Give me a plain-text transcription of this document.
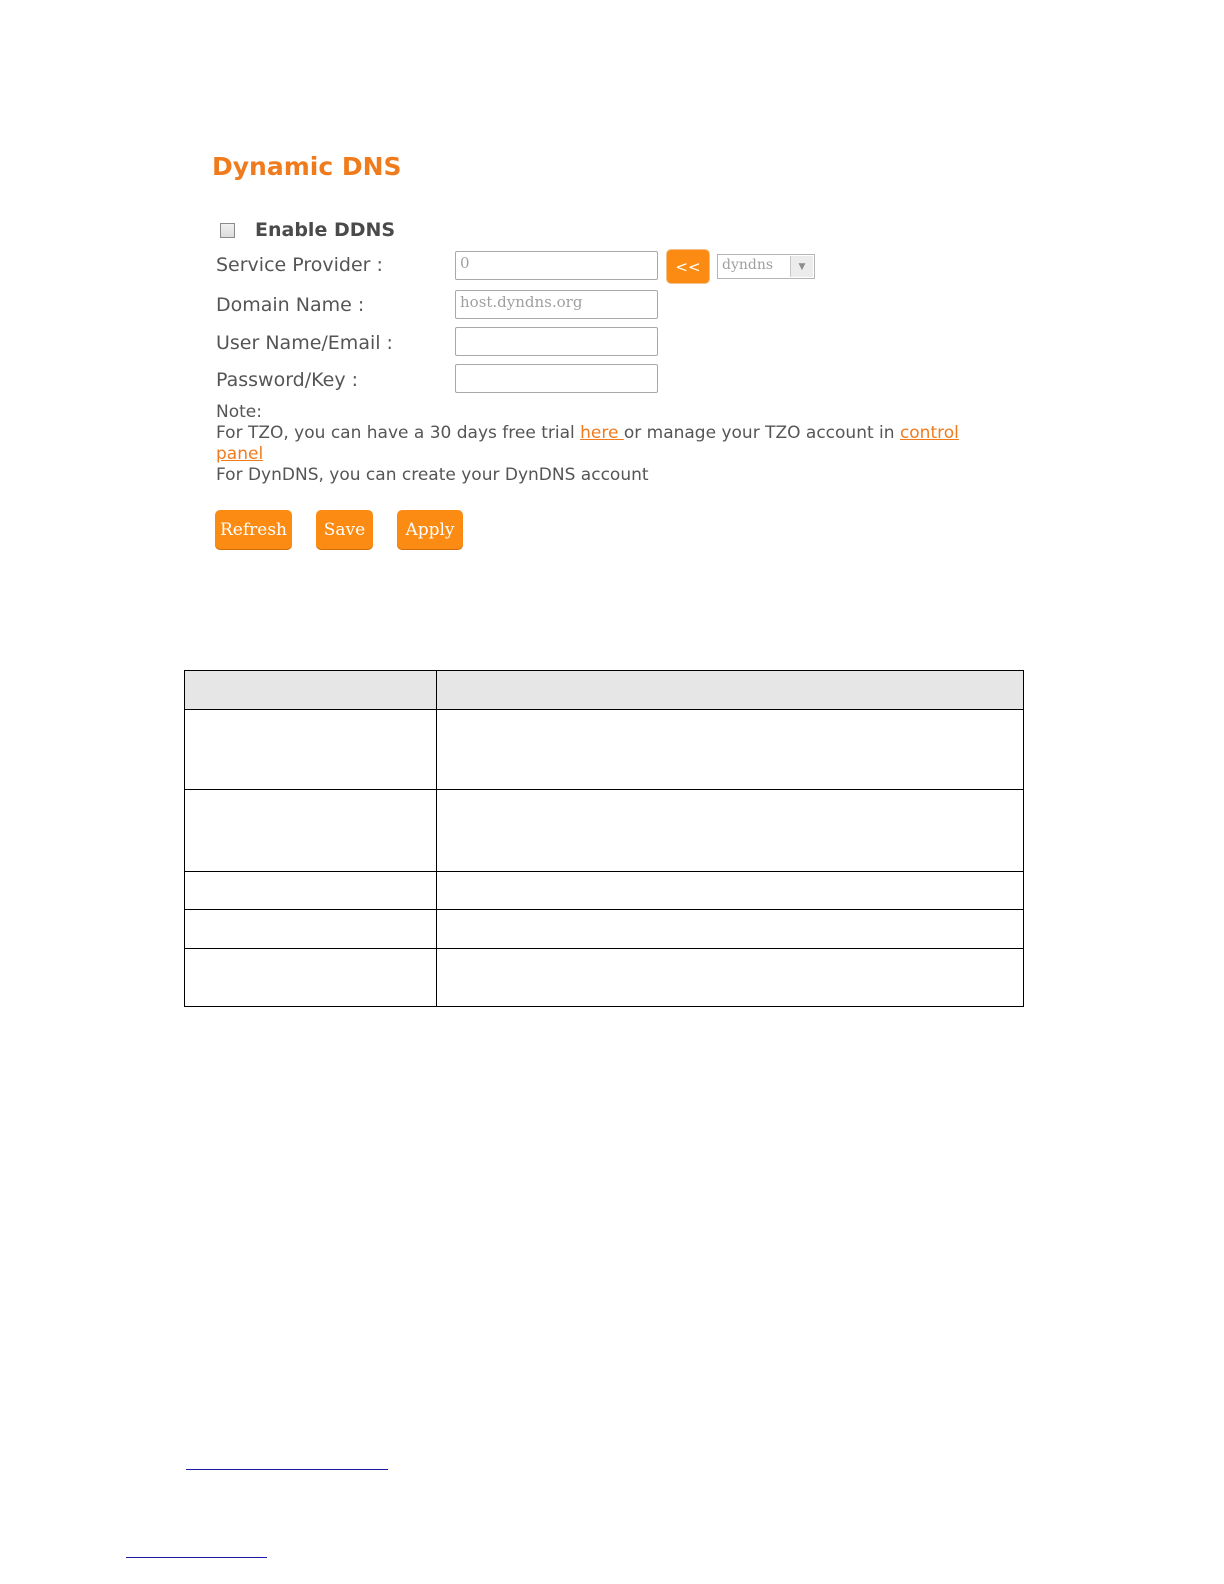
Dynamic DNS
Enable DDNS
Service Provider :	0	<<	dyndns	▼
Domain Name :	host.dyndns.org
User Name/Email :
Password/Key :
Note:
For TZO, you can have a 30 days free trial here or manage your TZO account in control
panel
For DynDNS, you can create your DynDNS account
Refresh	Save	Apply
